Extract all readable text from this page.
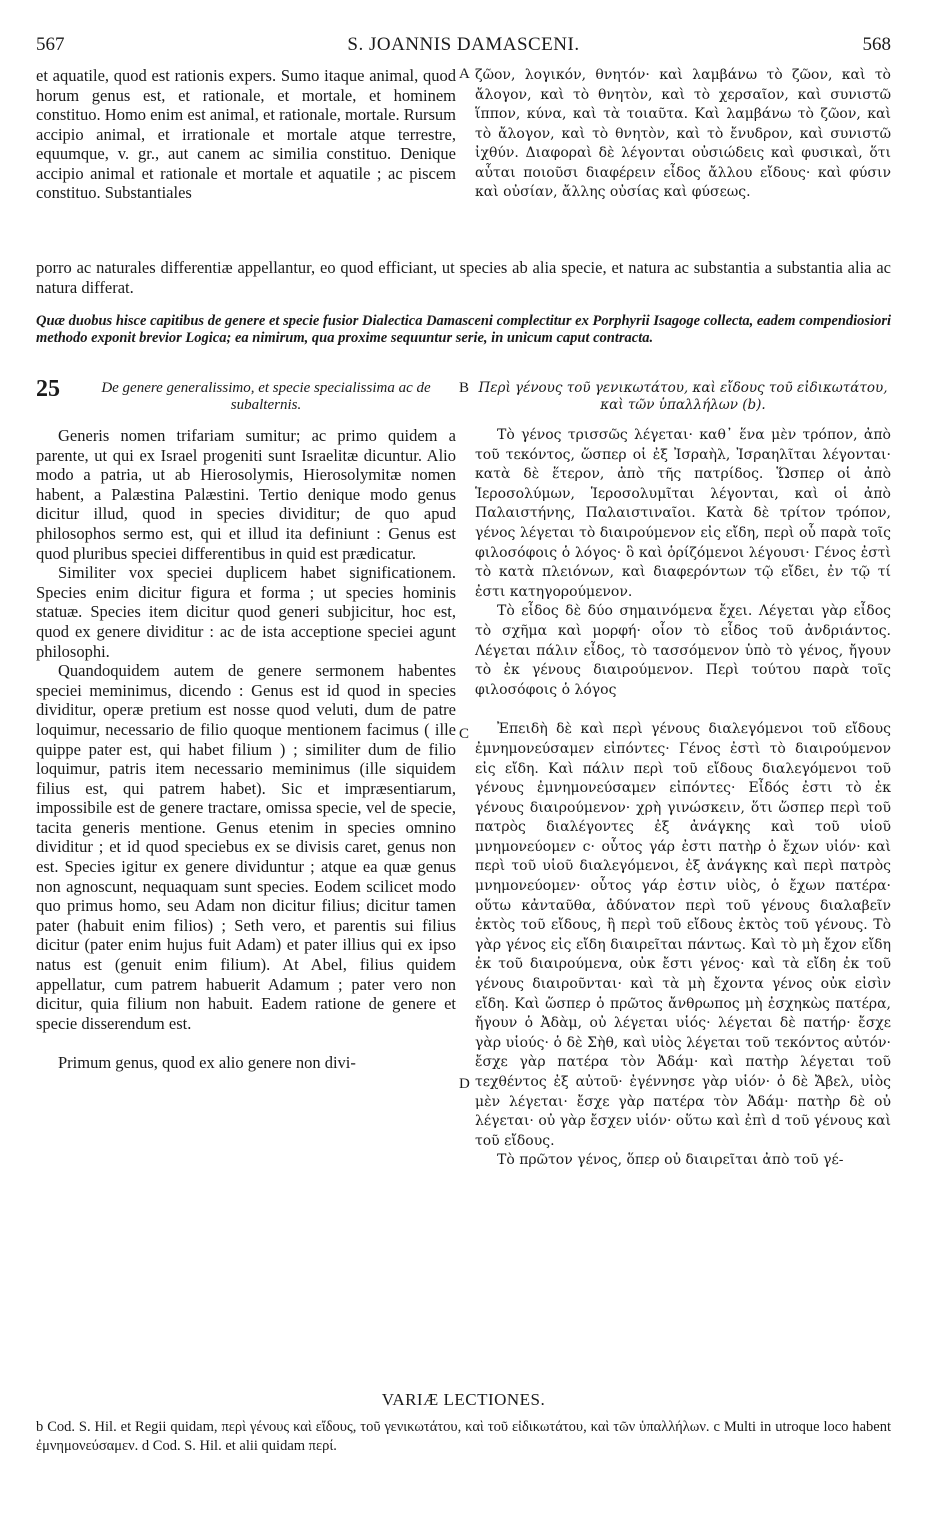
567	S. JOANNIS DAMASCENI.	568

et aquatile, quod est rationis expers. Sumo itaque animal, quod horum genus est, et rationale, et mortale, et hominem constituo. Homo enim est animal, et rationale, mortale. Rursum accipio animal, et irrationale et mortale atque terrestre, equumque, v. gr., aut canem ac similia constituo. Denique accipio animal et rationale et mortale et aquatile ; ac piscem constituo. Substantiales

A ζῶον, λογικόν, θνητόν· καὶ λαμβάνω τὸ ζῶον, καὶ τὸ ἄλογον, καὶ τὸ θνητὸν, καὶ τὸ χερσαῖον, καὶ συνιστῶ ἵππον, κύνα, καὶ τὰ τοιαῦτα. Καὶ λαμβάνω τὸ ζῶον, καὶ τὸ ἄλογον, καὶ τὸ θνητὸν, καὶ τὸ ἔνυδρον, καὶ συνιστῶ ἰχθύν. Διαφοραὶ δὲ λέγονται οὐσιώδεις καὶ φυσικαὶ, ὅτι αὗται ποιοῦσι διαφέρειν εἶδος ἄλλου εἴδους· καὶ φύσιν καὶ οὐσίαν, ἄλλης οὐσίας καὶ φύσεως.

porro ac naturales differentiæ appellantur, eo quod efficiant, ut species ab alia specie, et natura ac substantia a substantia alia ac natura differat.

Quæ duobus hisce capitibus de genere et specie fusior Dialectica Damasceni complectitur ex Porphyrii Isagoge collecta, eadem compendiosiori methodo exponit brevior Logica; ea nimirum, qua proxime sequuntur serie, in unicum caput contracta.
25	De genere generalissimo, et specie specialissima ac de subalternis.
B Περὶ γένους τοῦ γενικωτάτου, καὶ εἴδους τοῦ εἰδικωτάτου, καὶ τῶν ὑπαλλήλων (b).

Generis nomen trifariam sumitur; ac primo quidem a parente, ut qui ex Israel progeniti sunt Israelitæ dicuntur. Alio modo a patria, ut ab Hierosolymis, Hierosolymitæ nomen habent, a Palæstina Palæstini. Tertio denique modo genus dicitur illud, quod in species dividitur; de quo apud philosophos sermo est, qui et illud ita definiunt : Genus est quod pluribus speciei differentibus in quid est prædicatur.

Similiter vox speciei duplicem habet significationem. Species enim dicitur figura et forma ; ut species hominis statuæ. Species item dicitur quod generi subjicitur, hoc est, quod ex genere dividitur : ac de ista acceptione speciei agunt philosophi.

Quandoquidem autem de genere sermonem habentes speciei meminimus, dicendo : Genus est id quod in species dividitur, operæ pretium est nosse quod veluti, dum de patre loquimur, necessario de filio quoque mentionem facimus ( ille quippe pater est, qui habet filium ) ; similiter dum de filio loquimur, patris item necessario meminimus (ille siquidem filius est, qui patrem habet). Sic et impræsentiarum, impossibile est de genere tractare, omissa specie, vel de specie, tacita generis mentione. Genus etenim in species omnino dividitur ; et id quod speciebus ex se divisis caret, genus non est. Species igitur ex genere dividuntur ; atque ea quæ genus non agnoscunt, nequaquam sunt species. Eodem scilicet modo quo primus homo, seu Adam non dicitur filius; dicitur tamen pater (habuit enim filios) ; Seth vero, et parentis sui filius dicitur (pater enim hujus fuit Adam) et pater illius qui ex ipso natus est (genuit enim filium). At Abel, filius quidem appellatur, cum patrem habuerit Adamum ; pater vero non dicitur, quia filium non habuit. Eadem ratione de genere et specie disserendum est.

Primum genus, quod ex alio genere non divi-

C
D

Τὸ γένος τρισσῶς λέγεται· καθ᾽ ἕνα μὲν τρόπον, ἀπὸ τοῦ τεκόντος, ὥσπερ οἱ ἐξ Ἰσραὴλ, Ἰσραηλῖται λέγονται· κατὰ δὲ ἕτερον, ἀπὸ τῆς πατρίδος. Ὥσπερ οἱ ἀπὸ Ἱεροσολύμων, Ἱεροσολυμῖται λέγονται, καὶ οἱ ἀπὸ Παλαιστήνης, Παλαιστιναῖοι. Κατὰ δὲ τρίτον τρόπον, γένος λέγεται τὸ διαιρούμενον εἰς εἴδη, περὶ οὗ παρὰ τοῖς φιλοσόφοις ὁ λόγος· ὃ καὶ ὁρίζόμενοι λέγουσι· Γένος ἐστὶ τὸ κατὰ πλειόνων, καὶ διαφερόντων τῷ εἴδει, ἐν τῷ τί ἐστι κατηγορούμενον.

Τὸ εἶδος δὲ δύο σημαινόμενα ἔχει. Λέγεται γὰρ εἶδος τὸ σχῆμα καὶ μορφή· οἷον τὸ εἶδος τοῦ ἀνδριάντος. Λέγεται πάλιν εἶδος, τὸ τασσόμενον ὑπὸ τὸ γένος, ἤγουν τὸ ἐκ γένους διαιρούμενον. Περὶ τούτου παρὰ τοῖς φιλοσόφοις ὁ λόγος

Ἐπειδὴ δὲ καὶ περὶ γένους διαλεγόμενοι τοῦ εἴδους ἐμνημονεύσαμεν εἰπόντες· Γένος ἐστὶ τὸ διαιρούμενον εἰς εἴδη. Καὶ πάλιν περὶ τοῦ εἴδους διαλεγόμενοι τοῦ γένους ἐμνημονεύσαμεν εἰπόντες· Εἶδός ἐστι τὸ ἐκ γένους διαιρούμενον· χρὴ γινώσκειν, ὅτι ὥσπερ περὶ τοῦ πατρὸς διαλέγοντες ἐξ ἀνάγκης καὶ τοῦ υἱοῦ μνημονεύομεν c· οὗτος γάρ ἐστι πατὴρ ὁ ἔχων υἱόν· καὶ περὶ τοῦ υἱοῦ διαλεγόμενοι, ἐξ ἀνάγκης καὶ περὶ πατρὸς μνημονεύομεν· οὗτος γάρ ἐστιν υἱὸς, ὁ ἔχων πατέρα· οὕτω κἀνταῦθα, ἀδύνατον περὶ τοῦ γένους διαλαβεῖν ἐκτὸς τοῦ εἴδους, ἢ περὶ τοῦ εἴδους ἐκτὸς τοῦ γένους. Τὸ γὰρ γένος εἰς εἴδη διαιρεῖται πάντως. Καὶ τὸ μὴ ἔχον εἴδη ἐκ τοῦ διαιρούμενα, οὐκ ἔστι γένος· καὶ τὰ εἴδη ἐκ τοῦ γένους διαιροῦνται· καὶ τὰ μὴ ἔχοντα γένος οὐκ εἰσὶν εἴδη. Καὶ ὥσπερ ὁ πρῶτος ἄνθρωπος μὴ ἐσχηκὼς πατέρα, ἤγουν ὁ Ἀδὰμ, οὐ λέγεται υἱός· λέγεται δὲ πατήρ· ἔσχε γὰρ υἱούς· ὁ δὲ Σὴθ, καὶ υἱὸς λέγεται τοῦ τεκόντος αὐτόν· ἔσχε γὰρ πατέρα τὸν Ἀδάμ· καὶ πατὴρ λέγεται τοῦ τεχθέντος ἐξ αὐτοῦ· ἐγέννησε γὰρ υἱόν· ὁ δὲ Ἄβελ, υἱὸς μὲν λέγεται· ἔσχε γὰρ πατέρα τὸν Ἀδάμ· πατὴρ δὲ οὐ λέγεται· οὐ γὰρ ἔσχεν υἱόν· οὕτω καὶ ἐπὶ d τοῦ γένους καὶ τοῦ εἴδους.

Τὸ πρῶτον γένος, ὅπερ οὐ διαιρεῖται ἀπὸ τοῦ γέ-

VARIÆ LECTIONES.
b Cod. S. Hil. et Regii quidam, περὶ γένους καὶ εἴδους, τοῦ γενικωτάτου, καὶ τοῦ εἰδικωτάτου, καὶ τῶν ὑπαλλήλων. c Multi in utroque loco habent ἐμνημονεύσαμεν. d Cod. S. Hil. et alii quidam περί.
